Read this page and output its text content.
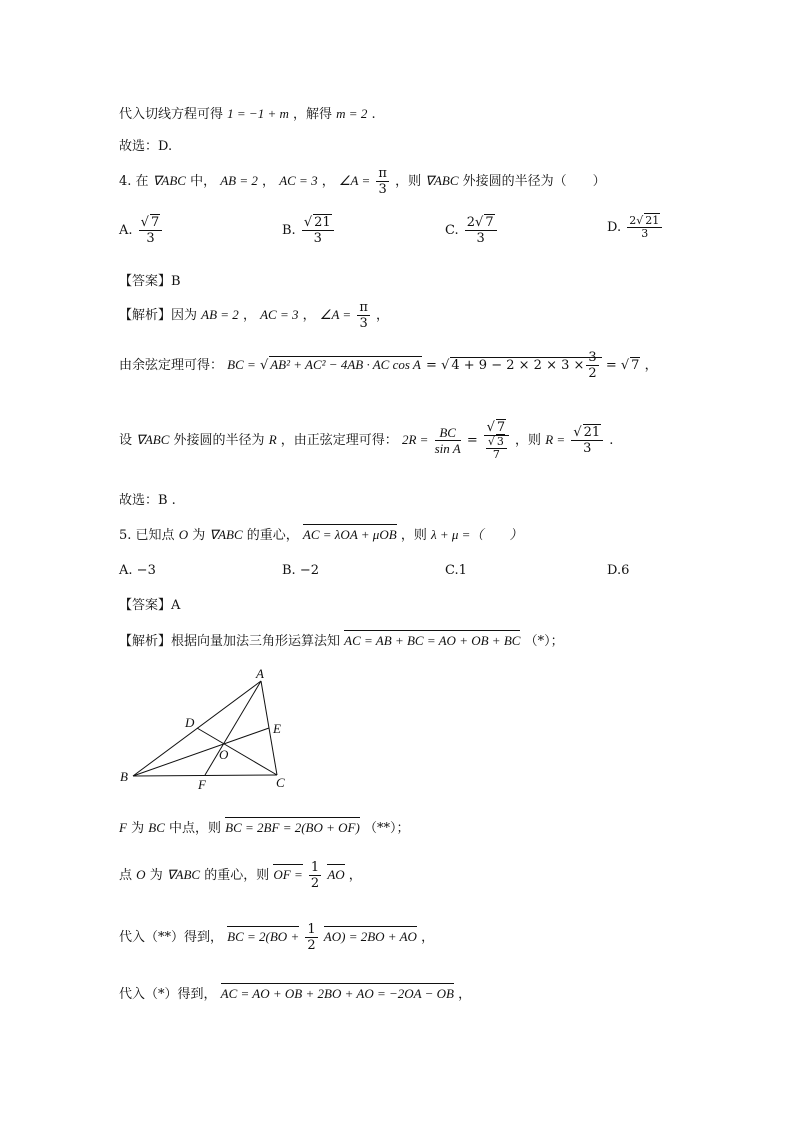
代入切线方程可得 1 = −1 + m ，解得 m = 2 .
故选：D.
4. 在 ∇ABC 中， AB = 2 ， AC = 3 ， ∠A = $\frac{\pi}{3}$ ，则 ∇ABC 外接圆的半径为（　　）
A. $\frac{√ 7}{3}$	B. $\frac{√ 21}{3}$	C. $\frac{2√ 7}{3}$	D. $\frac{2√ 21}{3}$
【答案】B
【解析】因为 AB = 2 ， AC = 3 ， ∠A = $\frac{\pi}{3}$ ，
由余弦定理可得： BC = √ AB² + AC² − 4AB · AC cos A = √ $4 + 9 - 2 \times 2 \times 3 \times \frac{3}{2}$ = √ 7 ，
设 ∇ABC 外接圆的半径为 R ，由正弦定理可得： $2R = \frac{BC}{\text{sin A}} = \frac{√ 7}{\frac{√ 3}{7}}$ ，则 $R = \frac{√ 21}{3}$ .
故选：B .
5. 已知点 O 为 ∇ABC 的重心， AC = λOA + μOB ，则 λ + μ =（　　）
A. −3	B. −2	C.1	D.6
【答案】A
【解析】根据向量加法三角形运算法知 AC = AB + BC = AO + OB + BC （*）；
A
B	C
D	E
F
O
F 为 BC 中点，则 BC = 2BF = 2(BO + OF) （**）；
点 O 为 ∇ABC 的重心，则 OF = $\frac{1}{2}$ AO ，
代入（**）得到， BC = $2(BO + \frac{1}{2} AO) = 2BO$ + AO ，
代入（*）得到， AC = AO + OB + 2BO + AO = −2OA − OB ，
